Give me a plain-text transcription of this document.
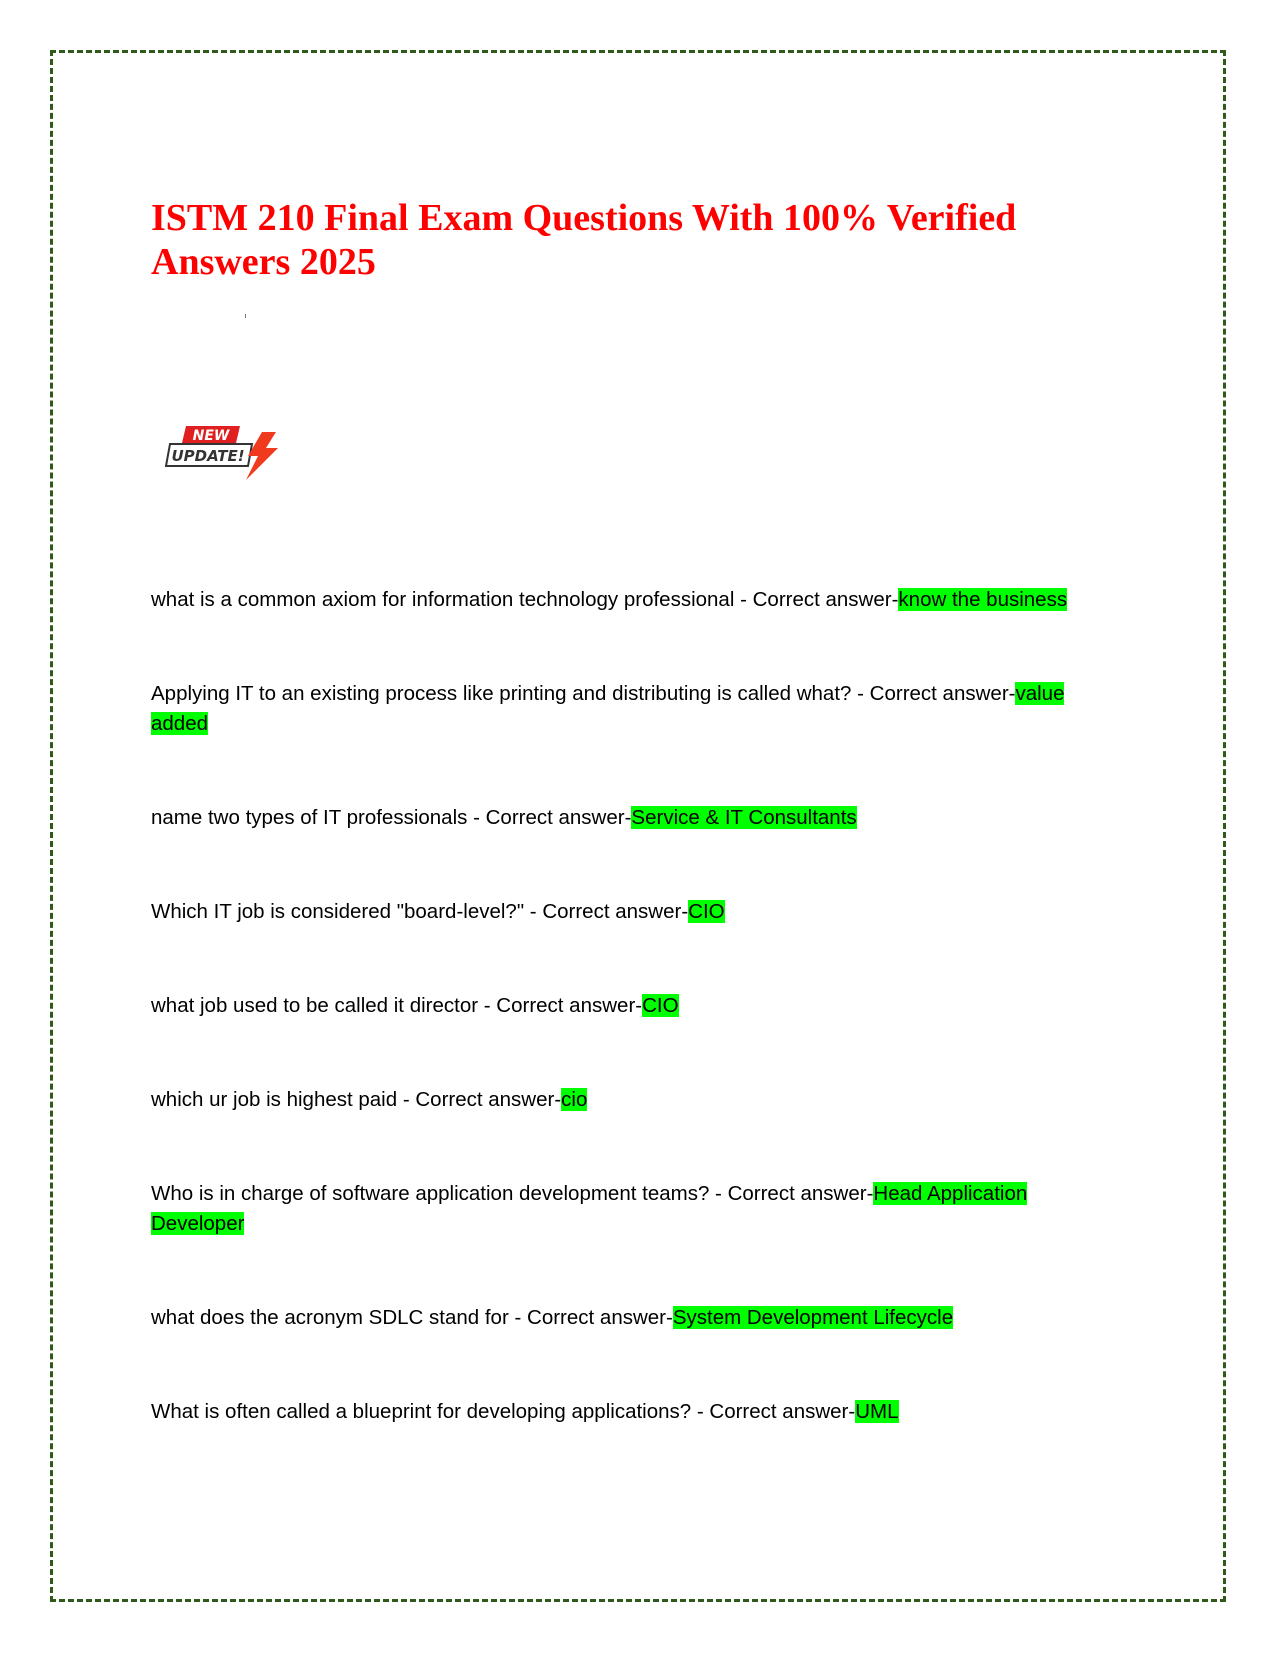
ISTM 210 Final Exam Questions With 100% Verified Answers 2025
NEW
UPDATE!
what is a common axiom for information technology professional - Correct answer-know the business
Applying IT to an existing process like printing and distributing is called what? - Correct answer-value added
name two types of IT professionals - Correct answer-Service & IT Consultants
Which IT job is considered "board-level?" - Correct answer-CIO
what job used to be called it director - Correct answer-CIO
which ur job is highest paid - Correct answer-cio
Who is in charge of software application development teams? - Correct answer-Head Application Developer
what does the acronym SDLC stand for - Correct answer-System Development Lifecycle
What is often called a blueprint for developing applications? - Correct answer-UML
